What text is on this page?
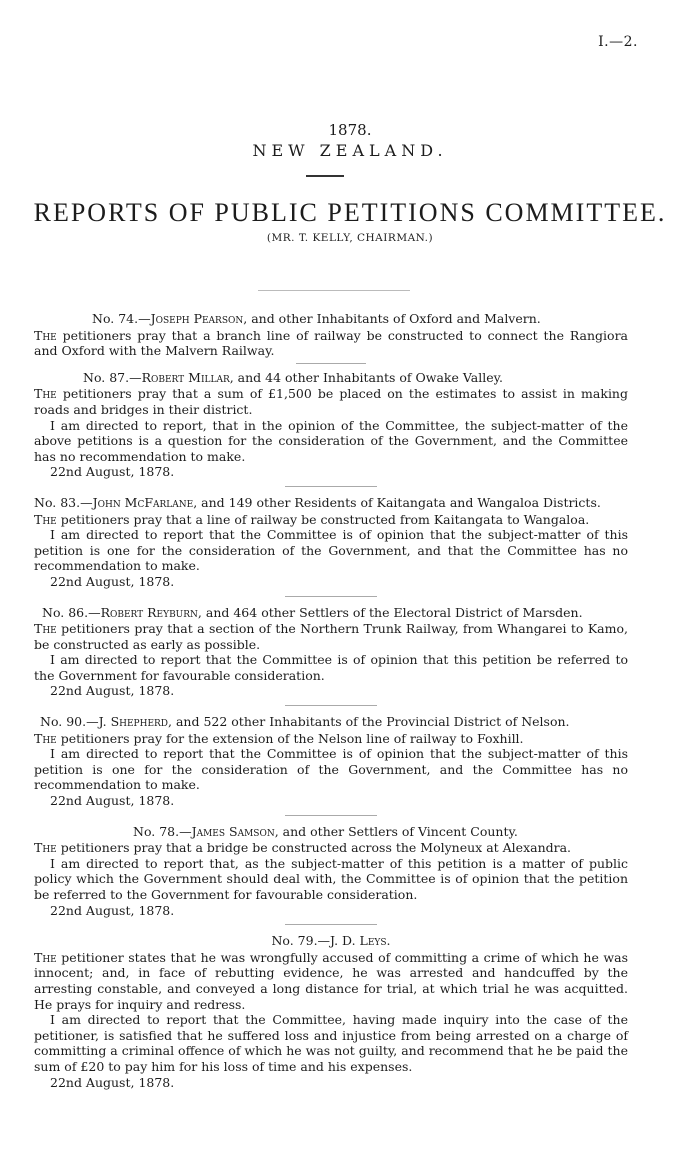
I.—2.
1878.
NEW ZEALAND.
REPORTS OF PUBLIC PETITIONS COMMITTEE.
(MR. T. KELLY, CHAIRMAN.)
No. 74.—Joseph Pearson, and other Inhabitants of Oxford and Malvern.
The petitioners pray that a branch line of railway be constructed to connect the Rangiora and Oxford with the Malvern Railway.
No. 87.—Robert Millar, and 44 other Inhabitants of Owake Valley.
The petitioners pray that a sum of £1,500 be placed on the estimates to assist in making roads and bridges in their district.
I am directed to report, that in the opinion of the Committee, the subject-matter of the above petitions is a question for the consideration of the Government, and the Committee has no recommendation to make.
22nd August, 1878.
No. 83.—John McFarlane, and 149 other Residents of Kaitangata and Wangaloa Districts.
The petitioners pray that a line of railway be constructed from Kaitangata to Wangaloa.
I am directed to report that the Committee is of opinion that the subject-matter of this petition is one for the consideration of the Government, and that the Committee has no recommendation to make.
22nd August, 1878.
No. 86.—Robert Reyburn, and 464 other Settlers of the Electoral District of Marsden.
The petitioners pray that a section of the Northern Trunk Railway, from Whangarei to Kamo, be constructed as early as possible.
I am directed to report that the Committee is of opinion that this petition be referred to the Government for favourable consideration.
22nd August, 1878.
No. 90.—J. Shepherd, and 522 other Inhabitants of the Provincial District of Nelson.
The petitioners pray for the extension of the Nelson line of railway to Foxhill.
I am directed to report that the Committee is of opinion that the subject-matter of this petition is one for the consideration of the Government, and the Committee has no recommendation to make.
22nd August, 1878.
No. 78.—James Samson, and other Settlers of Vincent County.
The petitioners pray that a bridge be constructed across the Molyneux at Alexandra.
I am directed to report that, as the subject-matter of this petition is a matter of public policy which the Government should deal with, the Committee is of opinion that the petition be referred to the Government for favourable consideration.
22nd August, 1878.
No. 79.—J. D. Leys.
The petitioner states that he was wrongfully accused of committing a crime of which he was innocent; and, in face of rebutting evidence, he was arrested and handcuffed by the arresting constable, and conveyed a long distance for trial, at which trial he was acquitted. He prays for inquiry and redress.
I am directed to report that the Committee, having made inquiry into the case of the petitioner, is satisfied that he suffered loss and injustice from being arrested on a charge of committing a criminal offence of which he was not guilty, and recommend that he be paid the sum of £20 to pay him for his loss of time and his expenses.
22nd August, 1878.
